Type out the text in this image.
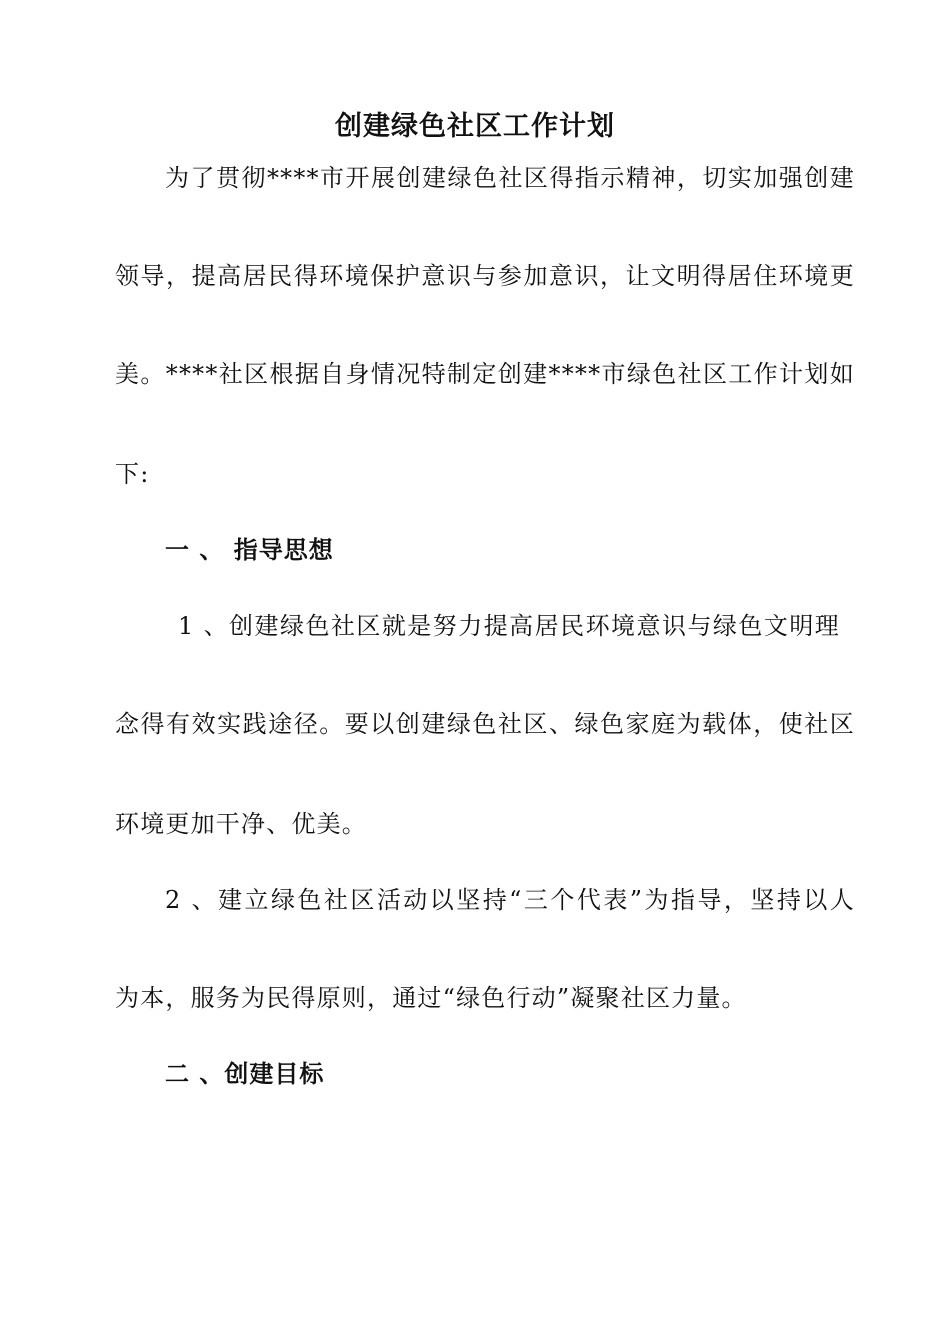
创建绿色社区工作计划
为了贯彻****市开展创建绿色社区得指示精神，切实加强创建
领导，提高居民得环境保护意识与参加意识，让文明得居住环境更
美。****社区根据自身情况特制定创建****市绿色社区工作计划如
下:
一 、 指导思想
1 、创建绿色社区就是努力提高居民环境意识与绿色文明理
念得有效实践途径。要以创建绿色社区、绿色家庭为载体，使社区
环境更加干净、优美。
2 、建立绿色社区活动以坚持“三个代表”为指导，坚持以人
为本，服务为民得原则，通过“绿色行动”凝聚社区力量。
二 、创建目标
